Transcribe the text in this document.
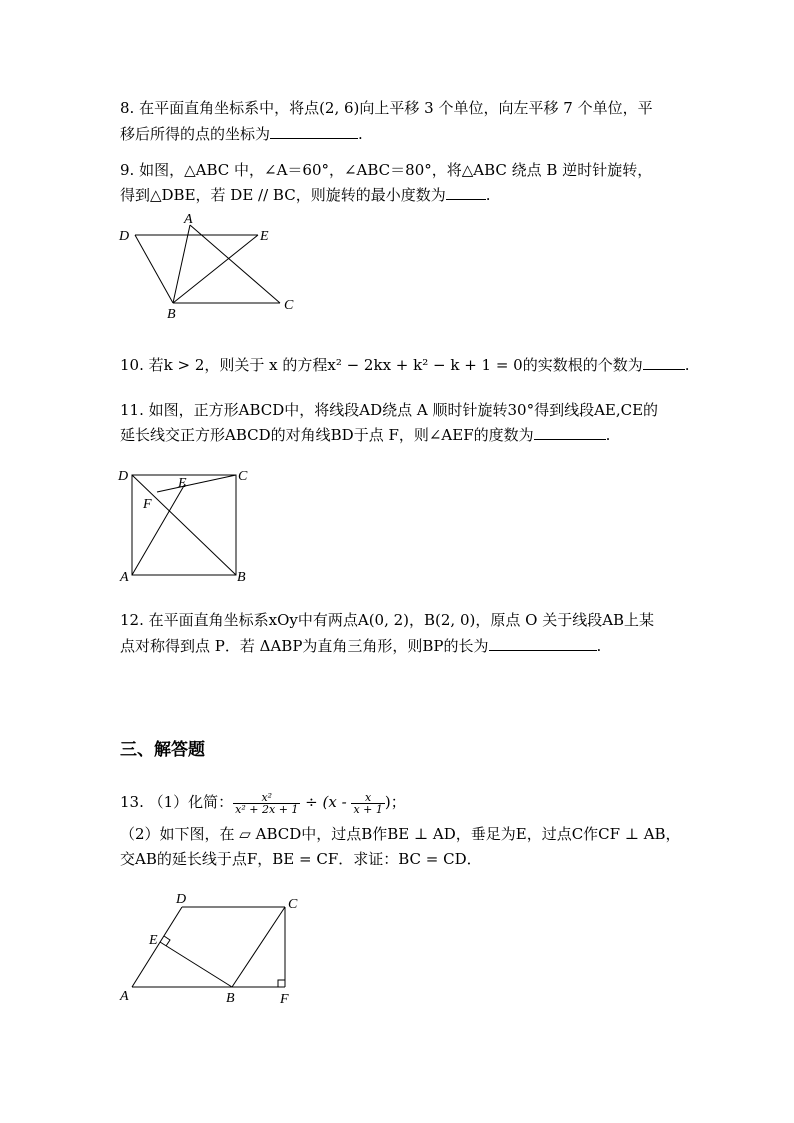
8. 在平面直角坐标系中，将点(2, 6)向上平移 3 个单位，向左平移 7 个单位，平
移后所得的点的坐标为	.
9. 如图，△ABC 中，∠A＝60°，∠ABC＝80°，将△ABC 绕点 B 逆时针旋转，
得到△DBE，若 DE // BC，则旋转的最小度数为	.
D
A
E
B
C
10. 若k > 2，则关于 x 的方程x² − 2kx + k² − k + 1 = 0的实数根的个数为	.
11. 如图，正方形ABCD中，将线段AD绕点 A 顺时针旋转30°得到线段AE,CE的
延长线交正方形ABCD的对角线BD于点 F，则∠AEF的度数为	.
D	C
E
F
A	B
12. 在平面直角坐标系xOy中有两点A(0, 2)，B(2, 0)，原点 O 关于线段AB上某
点对称得到点 P．若 ΔABP为直角三角形，则BP的长为	.
三、解答题
13. （1）化简： $\frac{\text{x²}}{\text{x² + 2x + 1}} \div (x - \frac{x}{x + 1}$ )；
（2）如下图，在 ▱ ABCD中，过点B作BE ⊥ AD，垂足为E，过点C作CF ⊥ AB，
交AB的延长线于点F，BE = CF．求证：BC = CD．
D	C
E
A	B	F
